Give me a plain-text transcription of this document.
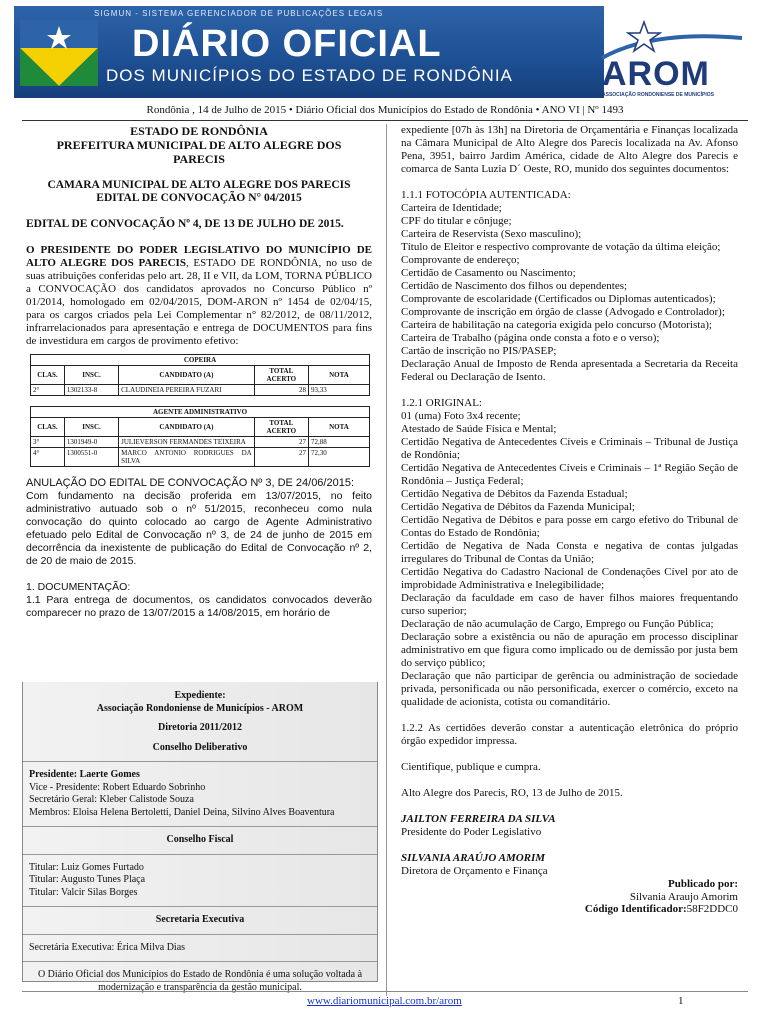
SIGMUN - SISTEMA GERENCIADOR DE PUBLICAÇÕES LEGAIS
DIÁRIO OFICIAL
DOS MUNICÍPIOS DO ESTADO DE RONDÔNIA	AROM
ASSOCIAÇÃO RONDONIENSE DE MUNICÍPIOS
Rondônia , 14 de Julho de 2015 • Diário Oficial dos Municípios do Estado de Rondônia • ANO VI | Nº 1493
ESTADO DE RONDÔNIA
PREFEITURA MUNICIPAL DE ALTO ALEGRE DOS PARECIS
CAMARA MUNICIPAL DE ALTO ALEGRE DOS PARECIS
EDITAL DE CONVOCAÇÃO N° 04/2015
EDITAL DE CONVOCAÇÃO Nº 4, DE 13 DE JULHO DE 2015.
O PRESIDENTE DO PODER LEGISLATIVO DO MUNICÍPIO DE ALTO ALEGRE DOS PARECIS, ESTADO DE RONDÔNIA, no uso de suas atribuições conferidas pelo art. 28, II e VII, da LOM, TORNA PÚBLICO a CONVOCAÇÃO dos candidatos aprovados no Concurso Público nº 01/2014, homologado em 02/04/2015, DOM-ARON nº 1454 de 02/04/15, para os cargos criados pela Lei Complementar n° 82/2012, de 08/11/2012, infrarrelacionados para apresentação e entrega de DOCUMENTOS para fins de investidura em cargos de provimento efetivo:
COPEIRA				
CLAS.	INSC.	CANDIDATO (A)	TOTAL ACERTO	NOTA
2°	1302133-8	CLAUDINEIA PEREIRA FUZARI	28	93,33
AGENTE ADMINISTRATIVO				
CLAS.	INSC.	CANDIDATO (A)	TOTAL ACERTO	NOTA
3°	1301949-0	JULIEVERSON FERMANDES TEIXEIRA	27	72,88
4°	1300551-0	MARCO ANTONIO RODRIGUES DA SILVA	27	72,30
ANULAÇÃO DO EDITAL DE CONVOCAÇÃO Nº 3, DE 24/06/2015:
Com fundamento na decisão proferida em 13/07/2015, no feito administrativo autuado sob o nº 51/2015, reconheceu como nula convocação do quinto colocado ao cargo de Agente Administrativo efetuado pelo Edital de Convocação nº 3, de 24 de junho de 2015 em decorrência da inexistente de publicação do Edital de Convocação nº 2, de 20 de maio de 2015.
1. DOCUMENTAÇÃO:
1.1 Para entrega de documentos, os candidatos convocados deverão comparecer no prazo de 13/07/2015 a 14/08/2015, em horário de
Expediente:
Associação Rondoniense de Municípios - AROM
Diretoria 2011/2012
Conselho Deliberativo
Presidente: Laerte Gomes
Vice - Presidente: Robert Eduardo Sobrinho
Secretário Geral: Kleber Calistode Souza
Membros: Eloisa Helena Bertoletti, Daniel Deina, Silvino Alves Boaventura
Conselho Fiscal
Titular: Luiz Gomes Furtado
Titular: Augusto Tunes Plaça
Titular: Valcir Silas Borges
Secretaria Executiva
Secretária Executiva: Érica Milva Dias
O Diário Oficial dos Municípios do Estado de Rondônia é uma solução voltada à modernização e transparência da gestão municipal.
expediente [07h às 13h] na Diretoria de Orçamentária e Finanças localizada na Câmara Municipal de Alto Alegre dos Parecis localizada na Av. Afonso Pena, 3951, bairro Jardim América, cidade de Alto Alegre dos Parecis e comarca de Santa Luzia D´ Oeste, RO, munido dos seguintes documentos:
1.1.1 FOTOCÓPIA AUTENTICADA:
Carteira de Identidade;
CPF do titular e cônjuge;
Carteira de Reservista (Sexo masculino);
Título de Eleitor e respectivo comprovante de votação da última eleição;
Comprovante de endereço;
Certidão de Casamento ou Nascimento;
Certidão de Nascimento dos filhos ou dependentes;
Comprovante de escolaridade (Certificados ou Diplomas autenticados);
Comprovante de inscrição em órgão de classe (Advogado e Controlador);
Carteira de habilitação na categoria exigida pelo concurso (Motorista);
Carteira de Trabalho (página onde consta a foto e o verso);
Cartão de inscrição no PIS/PASEP;
Declaração Anual de Imposto de Renda apresentada a Secretaria da Receita Federal ou Declaração de Isento.
1.2.1 ORIGINAL:
01 (uma) Foto 3x4 recente;
Atestado de Saúde Física e Mental;
Certidão Negativa de Antecedentes Cíveis e Criminais – Tribunal de Justiça de Rondônia;
Certidão Negativa de Antecedentes Cíveis e Criminais – 1ª Região Seção de Rondônia – Justiça Federal;
Certidão Negativa de Débitos da Fazenda Estadual;
Certidão Negativa de Débitos da Fazenda Municipal;
Certidão Negativa de Débitos e para posse em cargo efetivo do Tribunal de Contas do Estado de Rondônia;
Certidão de Negativa de Nada Consta e negativa de contas julgadas irregulares do Tribunal de Contas da União;
Certidão Negativa do Cadastro Nacional de Condenações Cível por ato de improbidade Administrativa e Inelegibilidade;
Declaração da faculdade em caso de haver filhos maiores frequentando curso superior;
Declaração de não acumulação de Cargo, Emprego ou Função Pública;
Declaração sobre a existência ou não de apuração em processo disciplinar administrativo em que figura como implicado ou de demissão por justa bem do serviço público;
Declaração que não participar de gerência ou administração de sociedade privada, personificada ou não personificada, exercer o comércio, exceto na qualidade de acionista, cotista ou comanditário.
1.2.2 As certidões deverão constar a autenticação eletrônica do próprio órgão expedidor impressa.
Cientifique, publique e cumpra.
Alto Alegre dos Parecis, RO, 13 de Julho de 2015.
JAILTON FERREIRA DA SILVA
Presidente do Poder Legislativo
SILVANIA ARAÚJO AMORIM
Diretora de Orçamento e Finança
Publicado por:
Silvania Araujo Amorim
Código Identificador:58F2DDC0
www.diariomunicipal.com.br/arom	1
